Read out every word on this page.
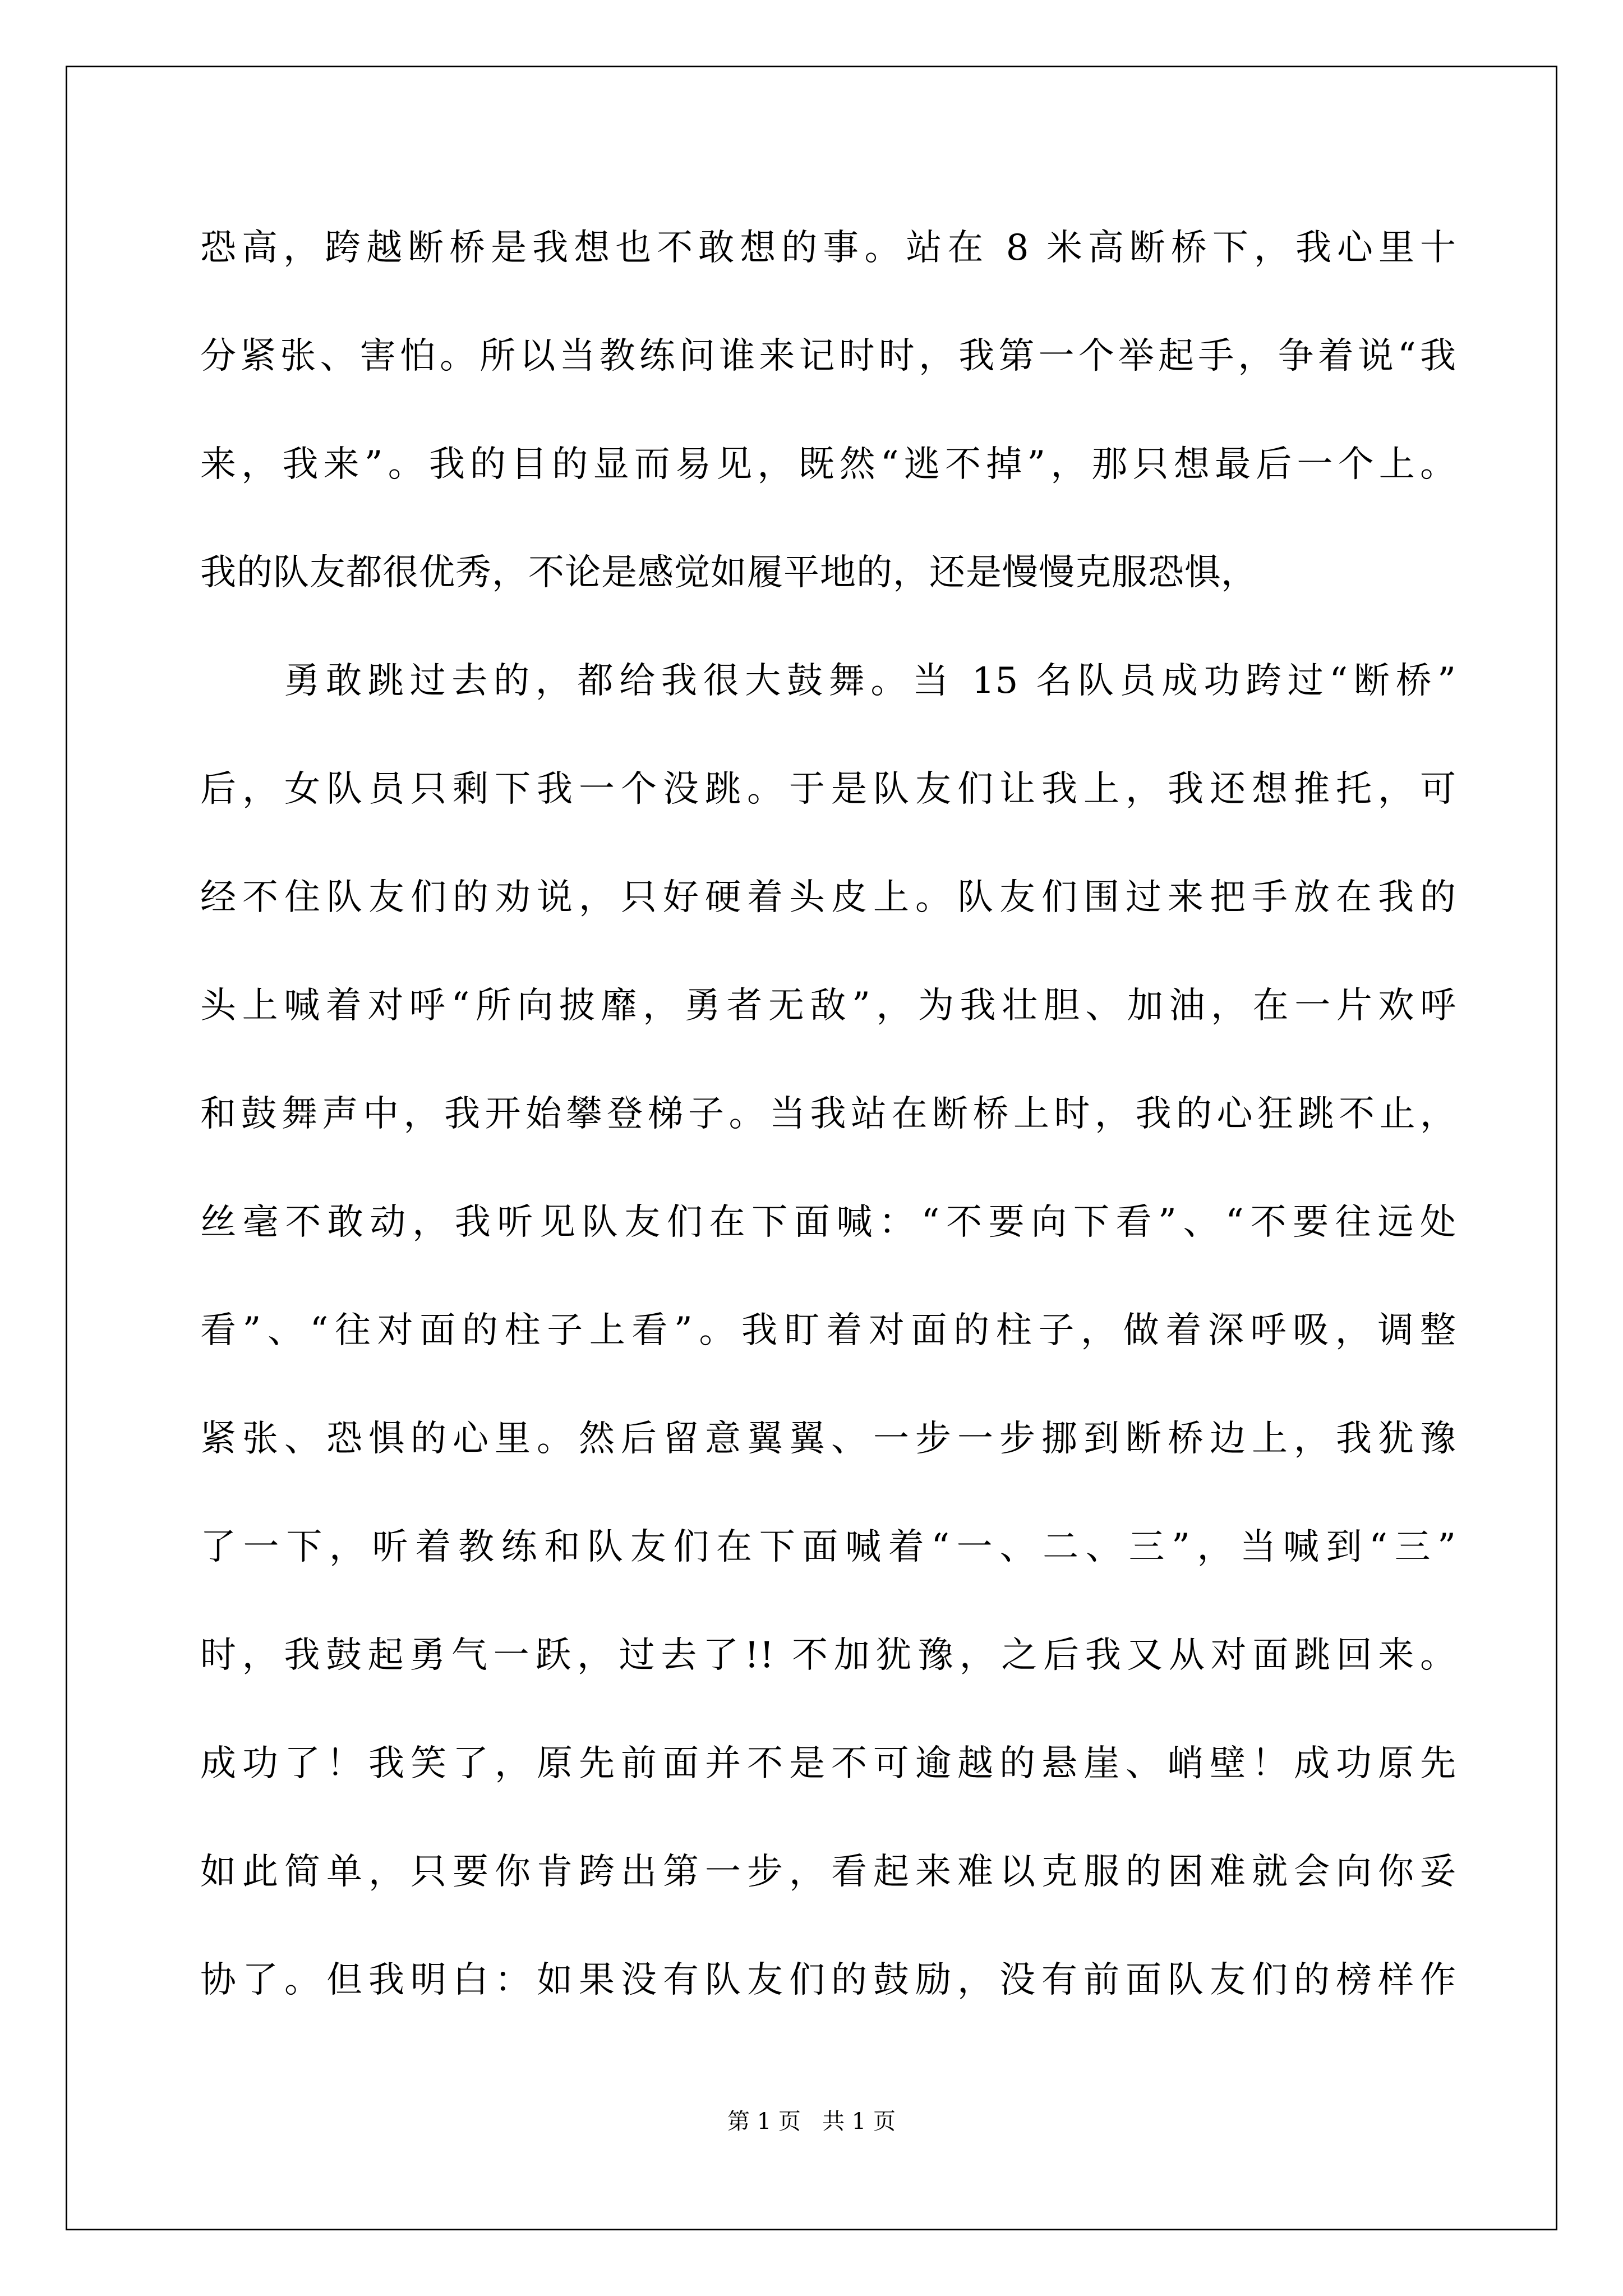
恐高，跨越断桥是我想也不敢想的事。站在 8 米高断桥下，我心里十
分紧张、害怕。所以当教练问谁来记时时，我第一个举起手，争着说“我
来，我来”。我的目的显而易见，既然“逃不掉”，那只想最后一个上。
我的队友都很优秀，不论是感觉如履平地的，还是慢慢克服恐惧，
　　勇敢跳过去的，都给我很大鼓舞。当 15 名队员成功跨过“断桥”
后，女队员只剩下我一个没跳。于是队友们让我上，我还想推托，可
经不住队友们的劝说，只好硬着头皮上。队友们围过来把手放在我的
头上喊着对呼“所向披靡，勇者无敌”，为我壮胆、加油，在一片欢呼
和鼓舞声中，我开始攀登梯子。当我站在断桥上时，我的心狂跳不止，
丝毫不敢动，我听见队友们在下面喊：“不要向下看”、“不要往远处
看”、“往对面的柱子上看”。我盯着对面的柱子，做着深呼吸，调整
紧张、恐惧的心里。然后留意翼翼、一步一步挪到断桥边上，我犹豫
了一下，听着教练和队友们在下面喊着“一、二、三”，当喊到“三”
时，我鼓起勇气一跃，过去了!! 不加犹豫，之后我又从对面跳回来。
成功了！我笑了，原先前面并不是不可逾越的悬崖、峭壁！成功原先
如此简单，只要你肯跨出第一步，看起来难以克服的困难就会向你妥
协了。但我明白：如果没有队友们的鼓励，没有前面队友们的榜样作
第 1 页 共 1 页
